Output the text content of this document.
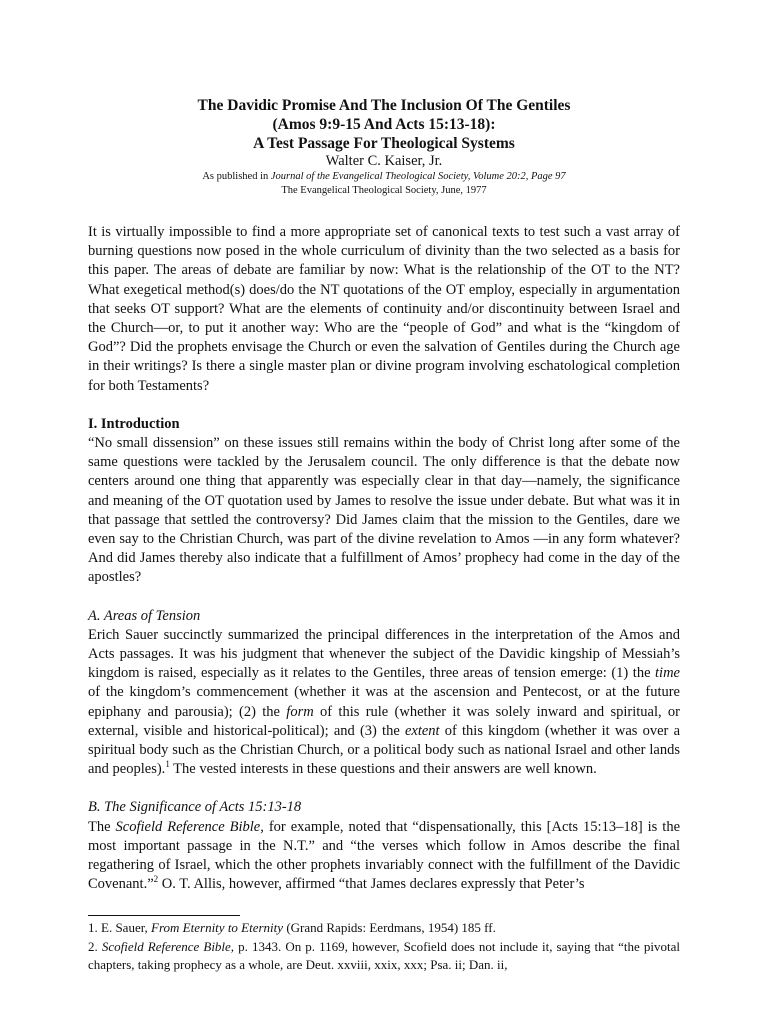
The Davidic Promise And The Inclusion Of The Gentiles
(Amos 9:9-15 And Acts 15:13-18):
A Test Passage For Theological Systems
Walter C. Kaiser, Jr.
As published in Journal of the Evangelical Theological Society, Volume 20:2, Page 97
The Evangelical Theological Society, June, 1977

It is virtually impossible to find a more appropriate set of canonical texts to test such a vast array of burning questions now posed in the whole curriculum of divinity than the two selected as a basis for this paper. The areas of debate are familiar by now: What is the relationship of the OT to the NT? What exegetical method(s) does/do the NT quotations of the OT employ, especially in argumentation that seeks OT support? What are the elements of continuity and/or discontinuity between Israel and the Church—or, to put it another way: Who are the “people of God” and what is the “kingdom of God”? Did the prophets envisage the Church or even the salvation of Gentiles during the Church age in their writings? Is there a single master plan or divine program involving eschatological completion for both Testaments?

I. Introduction

“No small dissension” on these issues still remains within the body of Christ long after some of the same questions were tackled by the Jerusalem council. The only difference is that the debate now centers around one thing that apparently was especially clear in that day—namely, the significance and meaning of the OT quotation used by James to resolve the issue under debate. But what was it in that passage that settled the controversy? Did James claim that the mission to the Gentiles, dare we even say to the Christian Church, was part of the divine revelation to Amos —in any form whatever? And did James thereby also indicate that a fulfillment of Amos’ prophecy had come in the day of the apostles?

A. Areas of Tension

Erich Sauer succinctly summarized the principal differences in the interpretation of the Amos and Acts passages. It was his judgment that whenever the subject of the Davidic kingship of Messiah’s kingdom is raised, especially as it relates to the Gentiles, three areas of tension emerge: (1) the time of the kingdom’s commencement (whether it was at the ascension and Pentecost, or at the future epiphany and parousia); (2) the form of this rule (whether it was solely inward and spiritual, or external, visible and historical-political); and (3) the extent of this kingdom (whether it was over a spiritual body such as the Christian Church, or a political body such as national Israel and other lands and peoples).$^1$ The vested interests in these questions and their answers are well known.

B. The Significance of Acts 15:13-18

The Scofield Reference Bible, for example, noted that “dispensationally, this [Acts 15:13–18] is the most important passage in the N.T.” and “the verses which follow in Amos describe the final regathering of Israel, which the other prophets invariably connect with the fulfillment of the Davidic Covenant.”$^2$ O. T. Allis, however, affirmed “that James declares expressly that Peter’s

1. E. Sauer, From Eternity to Eternity (Grand Rapids: Eerdmans, 1954) 185 ff.

2. Scofield Reference Bible, p. 1343. On p. 1169, however, Scofield does not include it, saying that “the pivotal chapters, taking prophecy as a whole, are Deut. xxviii, xxix, xxx; Psa. ii; Dan. ii,
